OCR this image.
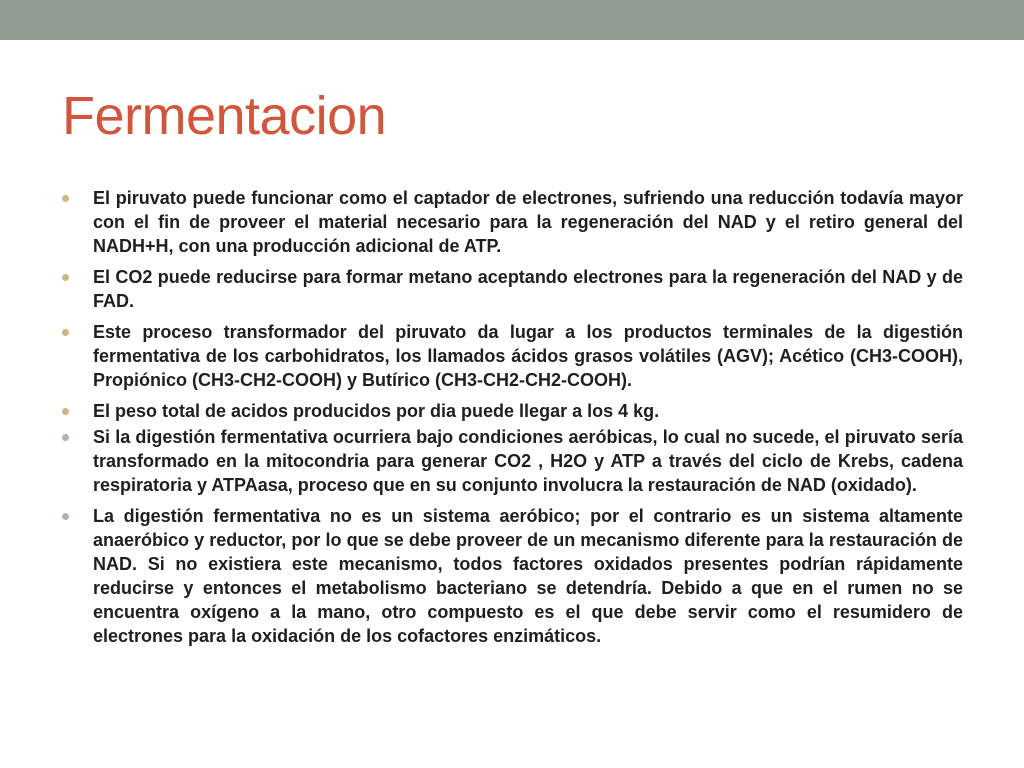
Fermentacion
El piruvato puede funcionar como el captador de electrones, sufriendo una reducción todavía mayor con el fin de proveer el material necesario para la regeneración del NAD y el retiro general del NADH+H, con una producción adicional de ATP.
El CO2 puede reducirse para formar metano aceptando electrones para la regeneración del NAD y de FAD.
Este proceso transformador del piruvato da lugar a los productos terminales de la digestión fermentativa de los carbohidratos, los llamados ácidos grasos volátiles (AGV); Acético (CH3-COOH), Propiónico (CH3-CH2-COOH) y Butírico (CH3-CH2-CH2-COOH).
El peso total de acidos producidos por dia puede llegar a los 4 kg.
Si la digestión fermentativa ocurriera bajo condiciones aeróbicas, lo cual no sucede, el piruvato sería transformado en la mitocondria para generar CO2 , H2O y ATP a través del ciclo de Krebs, cadena respiratoria y ATPAasa, proceso que en su conjunto involucra la restauración de NAD (oxidado).
La digestión fermentativa no es un sistema aeróbico; por el contrario es un sistema altamente anaeróbico y reductor, por lo que se debe proveer de un mecanismo diferente para la restauración de NAD. Si no existiera este mecanismo, todos factores oxidados presentes podrían rápidamente reducirse y entonces el metabolismo bacteriano se detendría. Debido a que en el rumen no se encuentra oxígeno a la mano, otro compuesto es el que debe servir como el resumidero de electrones para la oxidación de los cofactores enzimáticos.
